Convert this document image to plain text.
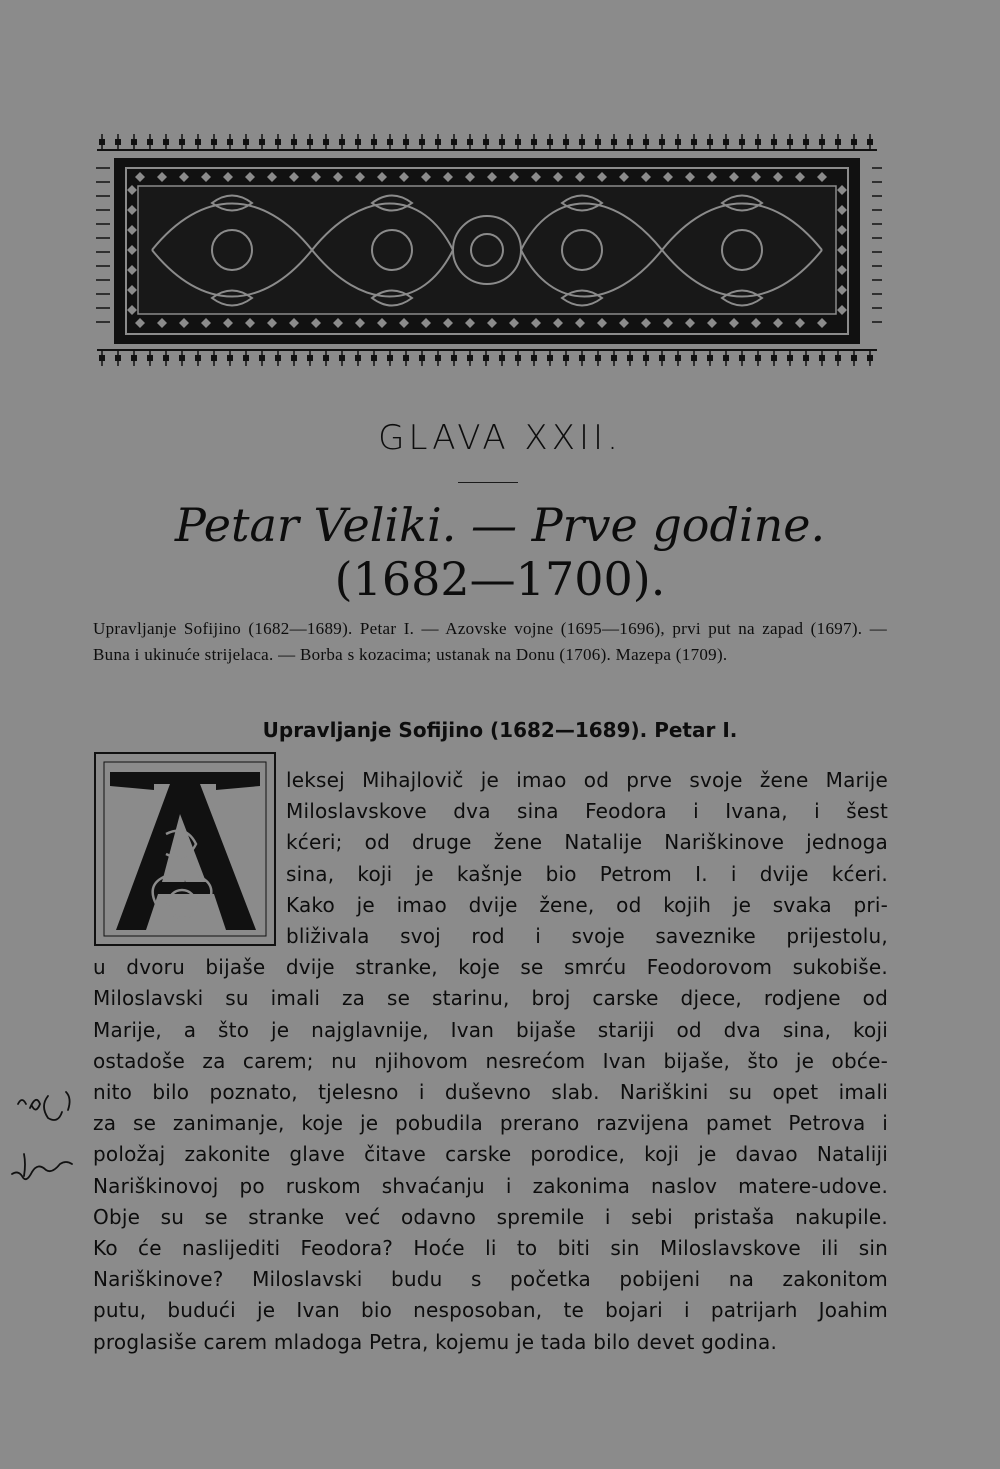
GLAVA XXII.
Petar Veliki. — Prve godine.
(1682—1700).
Upravljanje Sofijino (1682—1689). Petar I. — Azovske vojne (1695—1696), prvi put na zapad (1697). — Buna i ukinuće strijelaca. — Borba s kozacima; ustanak na Donu (1706). Mazepa (1709).
Upravljanje Sofijino (1682—1689). Petar I.
A
leksej Mihajlovič je imao od prve svoje žene Marije
Miloslavskove dva sina Feodora i Ivana, i šest
kćeri; od druge žene Natalije Nariškinove jednoga
sina, koji je kašnje bio Petrom I. i dvije kćeri.
Kako je imao dvije žene, od kojih je svaka pri-
bliživala svoj rod i svoje saveznike prijestolu,
u dvoru bijaše dvije stranke, koje se smrću Feodorovom sukobiše.
Miloslavski su imali za se starinu, broj carske djece, rodjene od
Marije, a što je najglavnije, Ivan bijaše stariji od dva sina, koji
ostadoše za carem; nu njihovom nesrećom Ivan bijaše, što je obće-
nito bilo poznato, tjelesno i duševno slab. Nariškini su opet imali
za se zanimanje, koje je pobudila prerano razvijena pamet Petrova i
položaj zakonite glave čitave carske porodice, koji je davao Nataliji
Nariškinovoj po ruskom shvaćanju i zakonima naslov matere-udove.
Obje su se stranke već odavno spremile i sebi pristaša nakupile.
Ko će naslijediti Feodora? Hoće li to biti sin Miloslavskove ili sin
Nariškinove? Miloslavski budu s početka pobijeni na zakonitom
putu, budući je Ivan bio nesposoban, te bojari i patrijarh Joahim
proglasiše carem mladoga Petra, kojemu je tada bilo devet godina.
